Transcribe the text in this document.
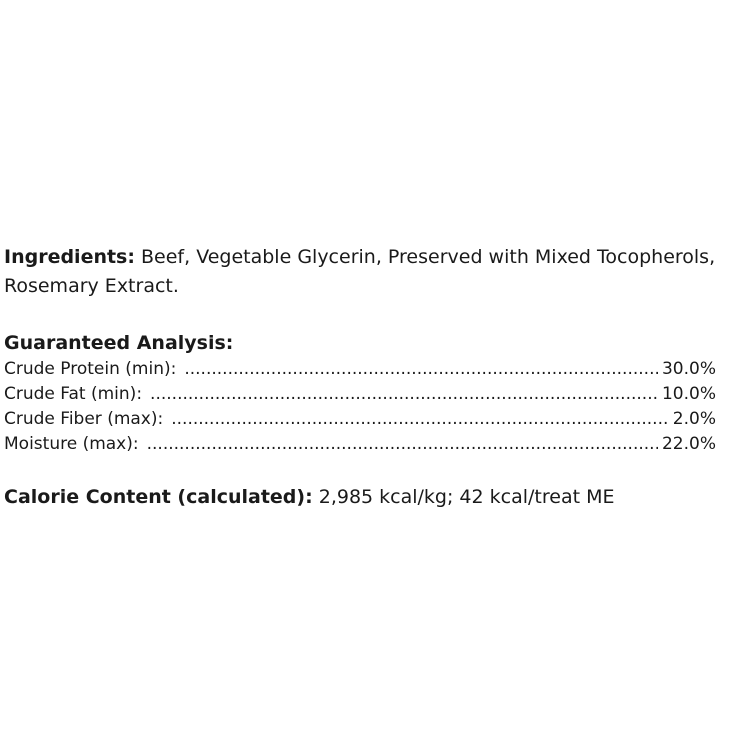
Ingredients: Beef, Vegetable Glycerin, Preserved with Mixed Tocopherols, Rosemary Extract.

Guaranteed Analysis:

Crude Protein (min): .....	30.0%
Crude Fat (min): .....	10.0%
Crude Fiber (max): .....	2.0%
Moisture (max): .....	22.0%

Calorie Content (calculated): 2,985 kcal/kg; 42 kcal/treat ME
